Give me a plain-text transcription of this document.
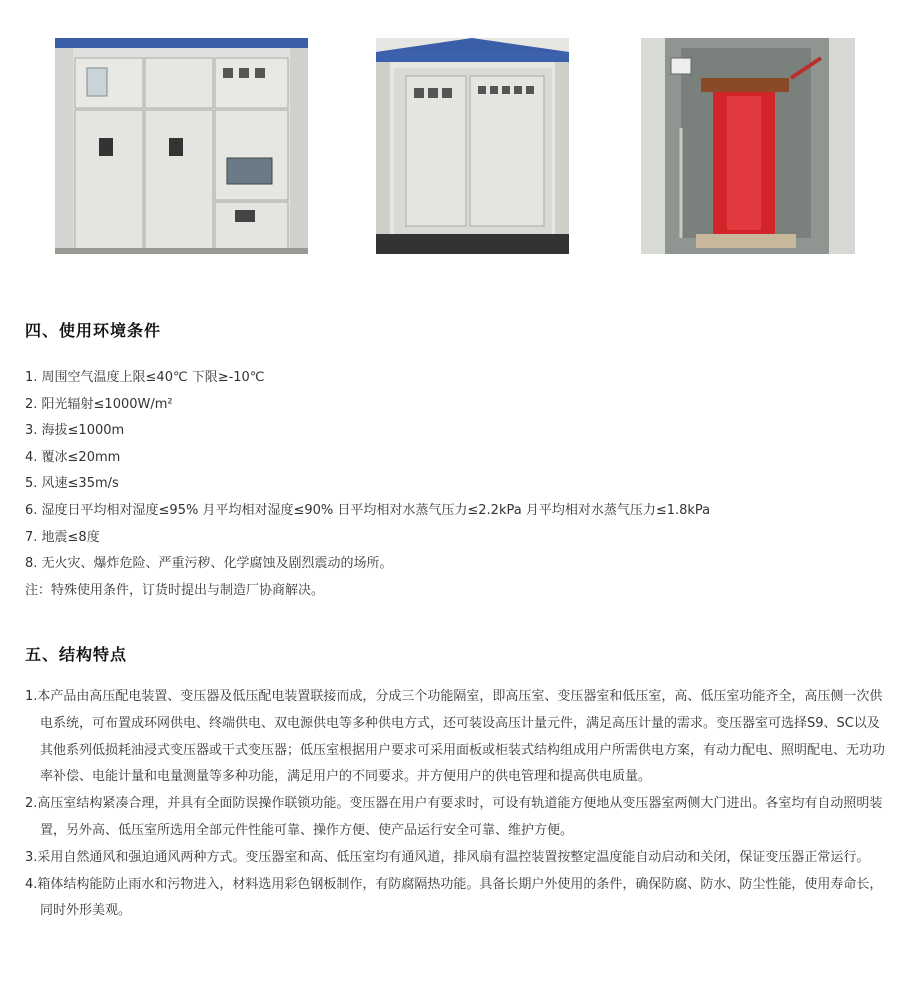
四、使用环境条件
1. 周围空气温度上限≤40℃ 下限≥-10℃
2. 阳光辐射≤1000W/m²
3. 海拔≤1000m
4. 覆冰≤20mm
5. 风速≤35m/s
6. 湿度日平均相对湿度≤95% 月平均相对湿度≤90% 日平均相对水蒸气压力≤2.2kPa 月平均相对水蒸气压力≤1.8kPa
7. 地震≤8度
8. 无火灾、爆炸危险、严重污秽、化学腐蚀及剧烈震动的场所。
注：特殊使用条件，订货时提出与制造厂协商解决。
五、结构特点
1.本产品由高压配电装置、变压器及低压配电装置联接而成，分成三个功能隔室，即高压室、变压器室和低压室，高、低压室功能齐全，高压侧一次供电系统，可布置成环网供电、终端供电、双电源供电等多种供电方式，还可装设高压计量元件，满足高压计量的需求。变压器室可选择S9、SC以及其他系列低损耗油浸式变压器或干式变压器；低压室根据用户要求可采用面板或柜装式结构组成用户所需供电方案，有动力配电、照明配电、无功功率补偿、电能计量和电量测量等多种功能，满足用户的不同要求。并方便用户的供电管理和提高供电质量。
2.高压室结构紧凑合理，并具有全面防误操作联锁功能。变压器在用户有要求时，可设有轨道能方便地从变压器室两侧大门进出。各室均有自动照明装置，另外高、低压室所选用全部元件性能可靠、操作方便、使产品运行安全可靠、维护方便。
3.采用自然通风和强迫通风两种方式。变压器室和高、低压室均有通风道，排风扇有温控装置按整定温度能自动启动和关闭，保证变压器正常运行。
4.箱体结构能防止雨水和污物进入，材料选用彩色钢板制作，有防腐隔热功能。具备长期户外使用的条件，确保防腐、防水、防尘性能，使用寿命长，同时外形美观。
